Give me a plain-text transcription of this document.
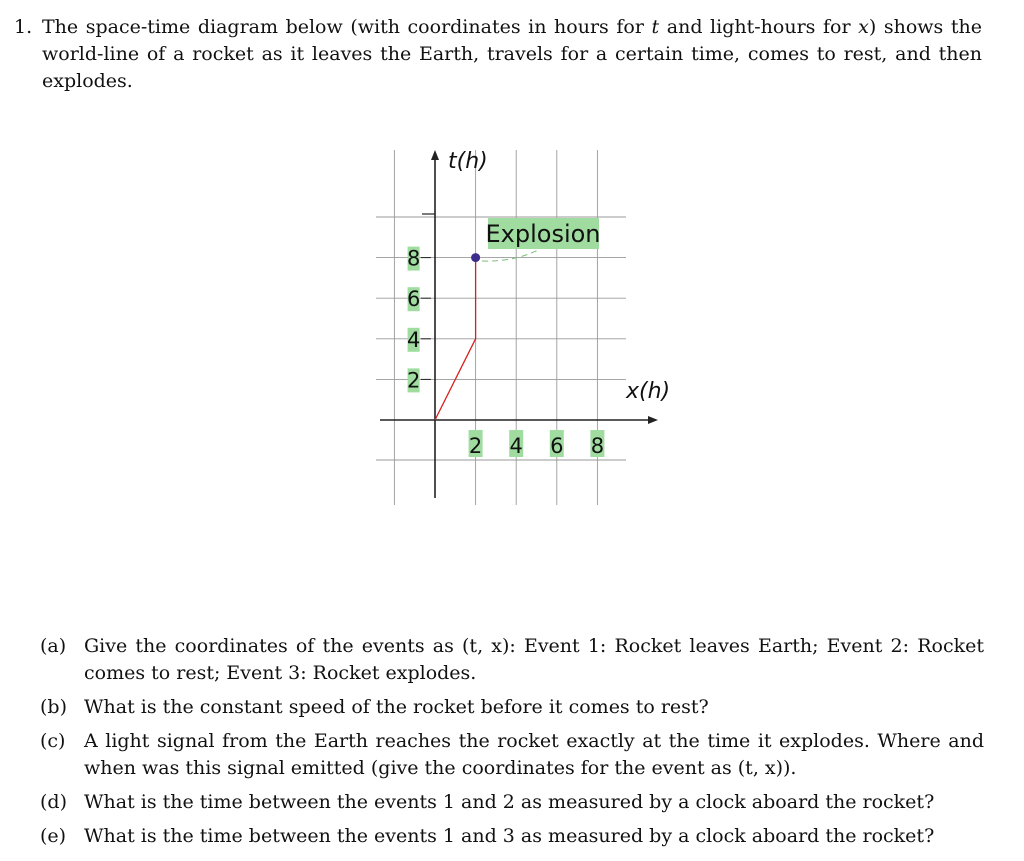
1. The space-time diagram below (with coordinates in hours for t and light-hours for x) shows the world-line of a rocket as it leaves the Earth, travels for a certain time, comes to rest, and then explodes.
2
4
6
8
2 4 6 8
t(h)
x(h)
Explosion
(a) Give the coordinates of the events as (t, x): Event 1: Rocket leaves Earth; Event 2: Rocket comes to rest; Event 3: Rocket explodes.
(b) What is the constant speed of the rocket before it comes to rest?
(c) A light signal from the Earth reaches the rocket exactly at the time it explodes. Where and when was this signal emitted (give the coordinates for the event as (t, x)).
(d) What is the time between the events 1 and 2 as measured by a clock aboard the rocket?
(e) What is the time between the events 1 and 3 as measured by a clock aboard the rocket?
